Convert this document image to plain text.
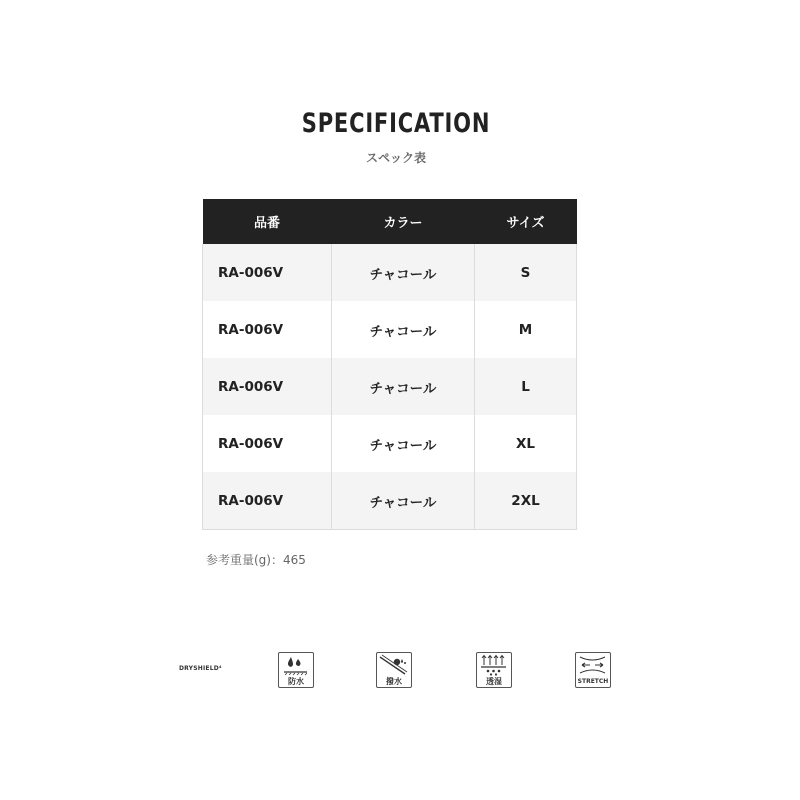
SPECIFICATION
スペック表
品番	カラー	サイズ
RA-006V	チャコール	S
RA-006V	チャコール	M
RA-006V	チャコール	L
RA-006V	チャコール	XL
RA-006V	チャコール	2XL
参考重量(g)：465
DRYSHIELD⁴
防水	撥水	透湿	STRETCH
